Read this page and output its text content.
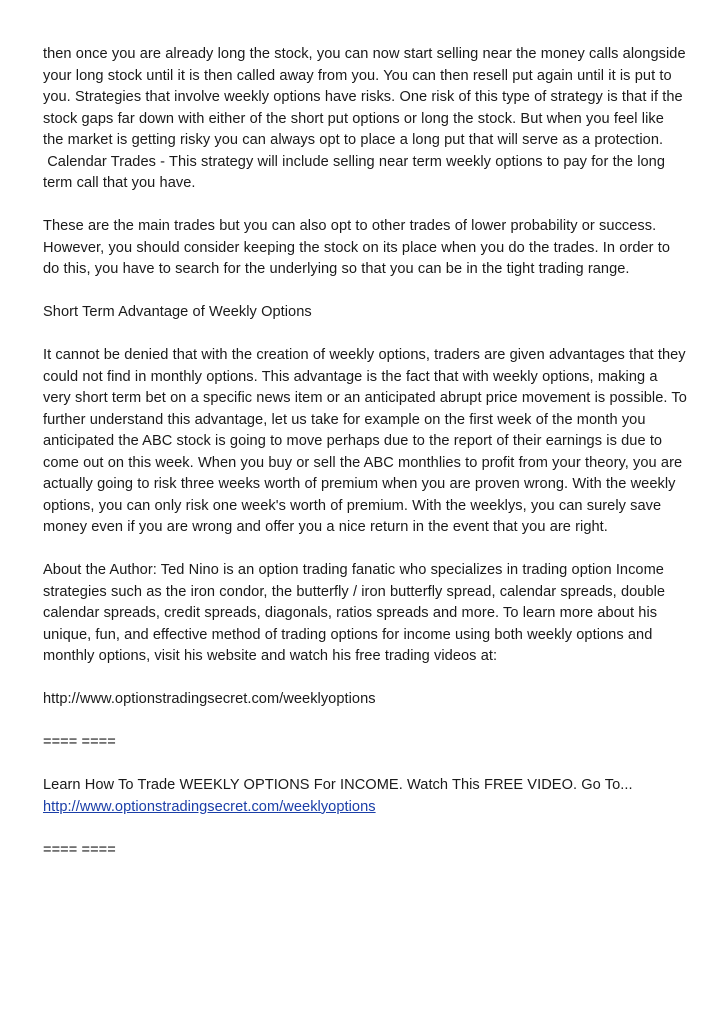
then once you are already long the stock, you can now start selling near the money calls alongside your long stock until it is then called away from you. You can then resell put again until it is put to you. Strategies that involve weekly options have risks. One risk of this type of strategy is that if the stock gaps far down with either of the short put options or long the stock. But when you feel like the market is getting risky you can always opt to place a long put that will serve as a protection.

Calendar Trades - This strategy will include selling near term weekly options to pay for the long term call that you have.

These are the main trades but you can also opt to other trades of lower probability or success. However, you should consider keeping the stock on its place when you do the trades. In order to do this, you have to search for the underlying so that you can be in the tight trading range.

Short Term Advantage of Weekly Options

It cannot be denied that with the creation of weekly options, traders are given advantages that they could not find in monthly options. This advantage is the fact that with weekly options, making a very short term bet on a specific news item or an anticipated abrupt price movement is possible. To further understand this advantage, let us take for example on the first week of the month you anticipated the ABC stock is going to move perhaps due to the report of their earnings is due to come out on this week. When you buy or sell the ABC monthlies to profit from your theory, you are actually going to risk three weeks worth of premium when you are proven wrong. With the weekly options, you can only risk one week's worth of premium. With the weeklys, you can surely save money even if you are wrong and offer you a nice return in the event that you are right.

About the Author: Ted Nino is an option trading fanatic who specializes in trading option Income strategies such as the iron condor, the butterfly / iron butterfly spread, calendar spreads, double calendar spreads, credit spreads, diagonals, ratios spreads and more. To learn more about his unique, fun, and effective method of trading options for income using both weekly options and monthly options, visit his website and watch his free trading videos at:

http://www.optionstradingsecret.com/weeklyoptions

==== ====

Learn How To Trade WEEKLY OPTIONS For INCOME. Watch This FREE VIDEO. Go To...
http://www.optionstradingsecret.com/weeklyoptions

==== ====
